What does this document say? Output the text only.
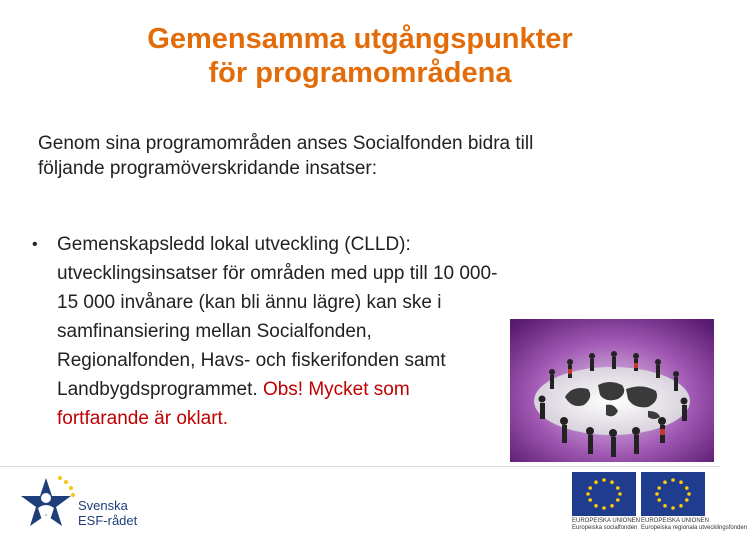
Gemensamma utgångspunkter
för programområdena
Genom sina programområden anses Socialfonden bidra till
följande programöverskridande insatser:
• Gemenskapsledd lokal utveckling (CLLD): utvecklingsinsatser för områden med upp till 10 000-15 000 invånare (kan bli ännu lägre) kan ske i samfinansiering mellan Socialfonden, Regionalfonden, Havs- och fiskerifonden samt Landbygdsprogrammet. Obs! Mycket som fortfarande är oklart.
Svenska
ESF-rådet	EUROPEISKA UNIONEN
Europeiska socialfonden
EUROPEISKA UNIONEN
Europeiska regionala utvecklingsfonden
